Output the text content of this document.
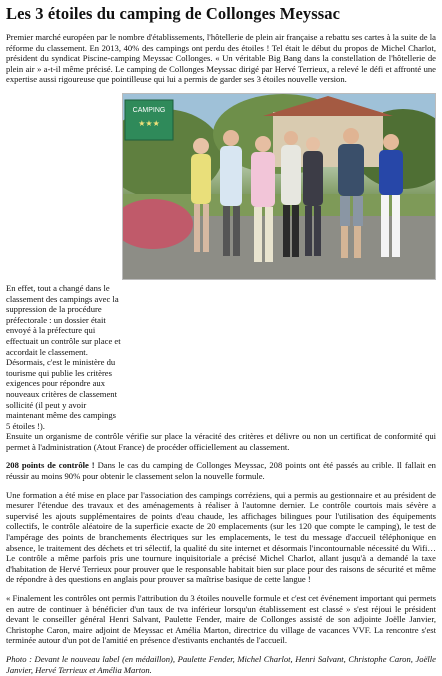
Les 3 étoiles du camping de Collonges Meyssac

Premier marché européen par le nombre d'établissements, l'hôtellerie de plein air française a rebattu ses cartes à la suite de la réforme du classement. En 2013, 40% des campings ont perdu des étoiles ! Tel était le début du propos de Michel Charlot, président du syndicat Piscine-camping Meyssac Collonges. « Un véritable Big Bang dans la constellation de l'hôtellerie de plein air » a-t-il même précisé. Le camping de Collonges Meyssac dirigé par Hervé Terrieux, a relevé le défi et affronté une expertise aussi rigoureuse que pointilleuse qui lui a permis de garder ses 3 étoiles nouvelle version.

CAMPING
★★★

En effet, tout a changé dans le classement des campings avec la suppression de la procédure préfectorale : un dossier était envoyé à la préfecture qui effectuait un contrôle sur place et accordait le classement. Désormais, c'est le ministère du tourisme qui publie les critères exigences pour répondre aux nouveaux critères de classement sollicité (il peut y avoir maintenant même des campings 5 étoiles !).

Ensuite un organisme de contrôle vérifie sur place la véracité des critères et délivre ou non un certificat de conformité qui permet à l'administration (Atout France) de procéder officiellement au classement.

208 points de contrôle ! Dans le cas du camping de Collonges Meyssac, 208 points ont été passés au crible. Il fallait en réussir au moins 90% pour obtenir le classement selon la nouvelle formule.

Une formation a été mise en place par l'association des campings corréziens, qui a permis au gestionnaire et au président de mesurer l'étendue des travaux et des aménagements à réaliser à l'automne dernier. Le contrôle courtois mais sévère a supervisé les ajouts supplémentaires de points d'eau chaude, les affichages bilingues pour l'utilisation des équipements collectifs, le contrôle aléatoire de la superficie exacte de 20 emplacements (sur les 120 que compte le camping), le test de l'ampérage des points de branchements électriques sur les emplacements, le test du message d'accueil téléphonique en absence, le traitement des déchets et tri sélectif, la qualité du site internet et désormais l'incontournable nécessité du Wifi… Le contrôle a même parfois pris une tournure inquisitoriale a précisé Michel Charlot, allant jusqu'à a demandé la taxe d'habitation de Hervé Terrieux pour prouver que le responsable habitait bien sur place pour des raisons de sécurité et même de répondre à des questions en anglais pour prouver sa maîtrise basique de cette langue !

« Finalement les contrôles ont permis l'attribution du 3 étoiles nouvelle formule et c'est cet événement important qui permets en autre de continuer à bénéficier d'un taux de tva inférieur lorsqu'un établissement est classé » s'est réjoui le président devant le conseiller général Henri Salvant, Paulette Fender, maire de Collonges assisté de son adjointe Joëlle Janvier, Christophe Caron, maire adjoint de Meyssac et Amélia Marton, directrice du village de vacances VVF. La rencontre s'est terminée autour d'un pot de l'amitié en présence d'estivants enchantés de l'accueil.

Photo : Devant le nouveau label (en médaillon), Paulette Fender, Michel Charlot, Henri Salvant, Christophe Caron, Joëlle Janvier, Hervé Terrieux et Amélia Marton.
